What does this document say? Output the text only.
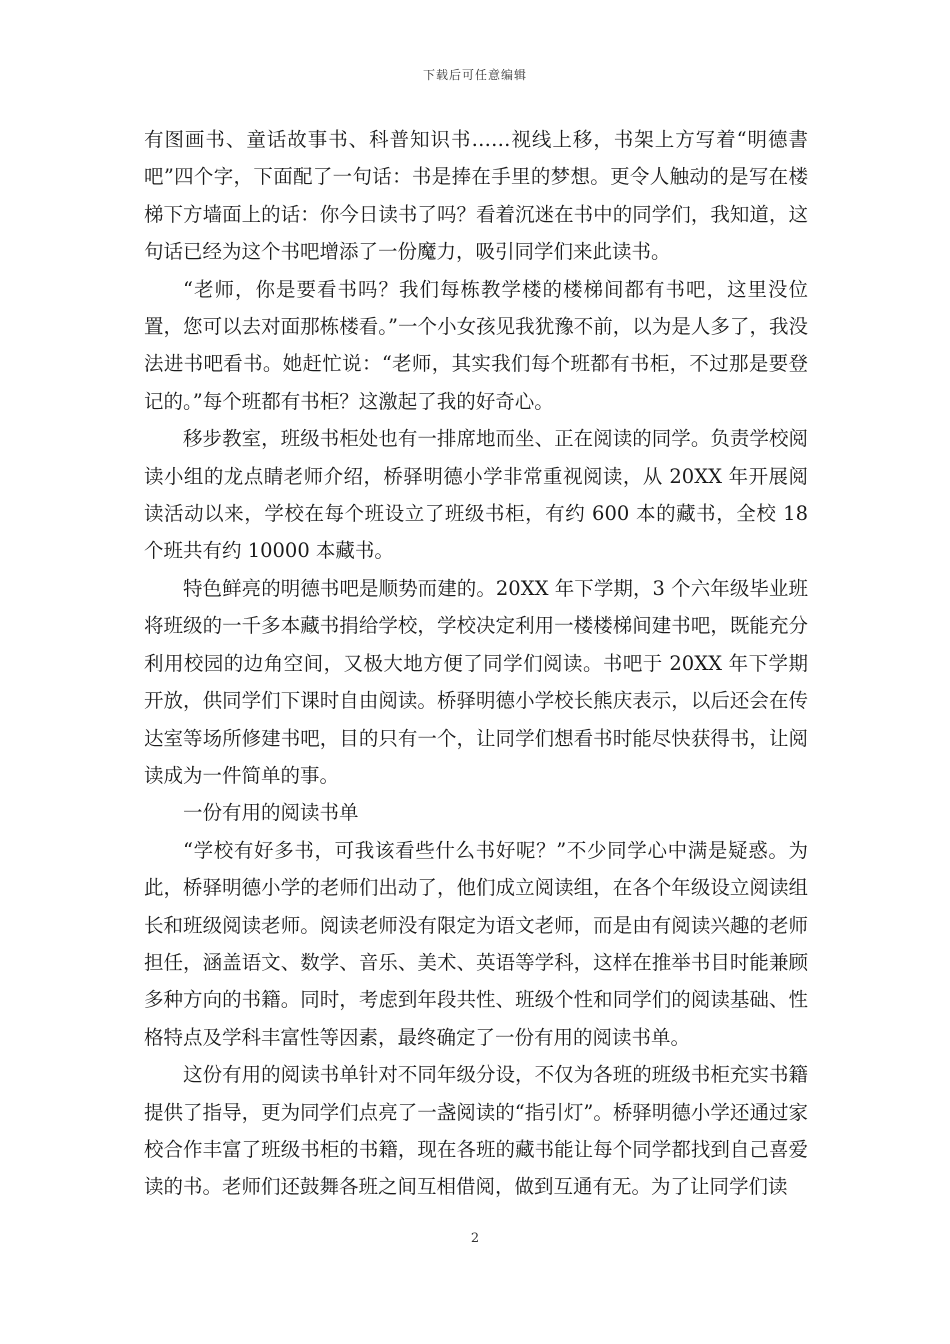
下载后可任意编辑

有图画书、童话故事书、科普知识书……视线上移，书架上方写着“明德書吧”四个字，下面配了一句话：书是捧在手里的梦想。更令人触动的是写在楼梯下方墙面上的话：你今日读书了吗？看着沉迷在书中的同学们，我知道，这句话已经为这个书吧增添了一份魔力，吸引同学们来此读书。

“老师，你是要看书吗？我们每栋教学楼的楼梯间都有书吧，这里没位置，您可以去对面那栋楼看。”一个小女孩见我犹豫不前，以为是人多了，我没法进书吧看书。她赶忙说：“老师，其实我们每个班都有书柜，不过那是要登记的。”每个班都有书柜？这激起了我的好奇心。

移步教室，班级书柜处也有一排席地而坐、正在阅读的同学。负责学校阅读小组的龙点睛老师介绍，桥驿明德小学非常重视阅读，从 20XX 年开展阅读活动以来，学校在每个班设立了班级书柜，有约 600 本的藏书，全校 18 个班共有约 10000 本藏书。

特色鲜亮的明德书吧是顺势而建的。20XX 年下学期，3 个六年级毕业班将班级的一千多本藏书捐给学校，学校决定利用一楼楼梯间建书吧，既能充分利用校园的边角空间，又极大地方便了同学们阅读。书吧于 20XX 年下学期开放，供同学们下课时自由阅读。桥驿明德小学校长熊庆表示，以后还会在传达室等场所修建书吧，目的只有一个，让同学们想看书时能尽快获得书，让阅读成为一件简单的事。

一份有用的阅读书单

“学校有好多书，可我该看些什么书好呢？”不少同学心中满是疑惑。为此，桥驿明德小学的老师们出动了，他们成立阅读组，在各个年级设立阅读组长和班级阅读老师。阅读老师没有限定为语文老师，而是由有阅读兴趣的老师担任，涵盖语文、数学、音乐、美术、英语等学科，这样在推举书目时能兼顾多种方向的书籍。同时，考虑到年段共性、班级个性和同学们的阅读基础、性格特点及学科丰富性等因素，最终确定了一份有用的阅读书单。

这份有用的阅读书单针对不同年级分设，不仅为各班的班级书柜充实书籍提供了指导，更为同学们点亮了一盏阅读的“指引灯”。桥驿明德小学还通过家校合作丰富了班级书柜的书籍，现在各班的藏书能让每个同学都找到自己喜爱读的书。老师们还鼓舞各班之间互相借阅，做到互通有无。为了让同学们读

2
